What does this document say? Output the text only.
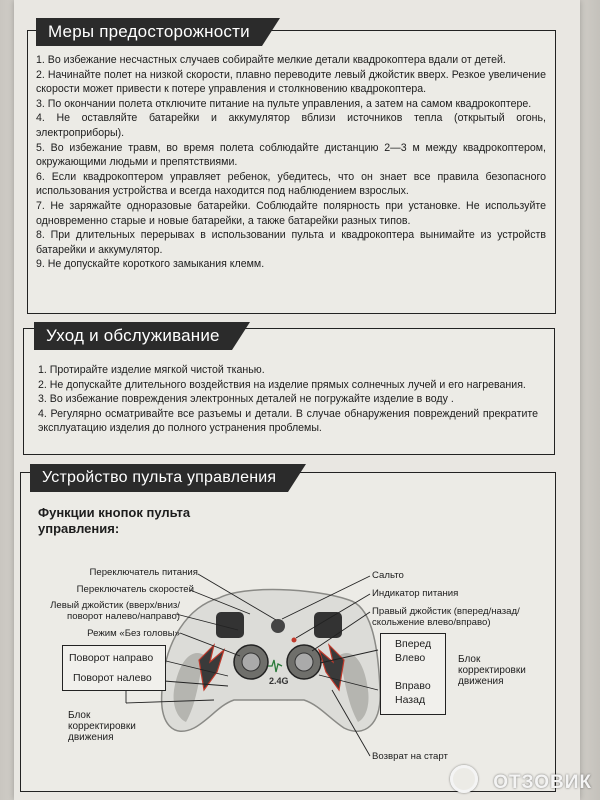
1. Во избежание несчастных случаев собирайте мелкие детали квадрокоптера вдали от детей.
2. Начинайте полет на низкой скорости, плавно переводите левый джойстик вверх. Резкое увеличение скорости может привести к потере управления и столкновению квадрокоптера.
3. По окончании полета отключите питание на пульте управления, а затем на самом квадрокоптере.
4. Не оставляйте батарейки и аккумулятор вблизи источников тепла (открытый огонь, электроприборы).
5. Во избежание травм, во время полета соблюдайте дистанцию 2—3 м между квадрокоптером, окружающими людьми и препятствиями.
6. Если квадрокоптером управляет ребенок, убедитесь, что он знает все правила безопасного использования устройства и всегда находится под наблюдением взрослых.
7. Не заряжайте одноразовые батарейки. Соблюдайте полярность при установке. Не используйте одновременно старые и новые батарейки, а также батарейки разных типов.
8. При длительных перерывах в использовании пульта и квадрокоптера вынимайте из устройств батарейки и аккумулятор.
9. Не допускайте короткого замыкания клемм.
Меры предосторожности
1. Протирайте изделие мягкой чистой тканью.
2. Не допускайте длительного воздействия на изделие прямых солнечных лучей и его нагревания.
3. Во избежание повреждения электронных деталей не погружайте изделие в воду .
4. Регулярно осматривайте все разъемы и детали. В случае обнаружения повреждений прекратите эксплуатацию изделия до полного устранения проблемы.
Уход и обслуживание
Устройство пульта управления
Функции кнопок пульта
управления:
2.4G
Переключатель питания
Переключатель скоростей
Левый джойстик (вверх/вниз/
поворот налево/направо)
Режим «Без головы»
Поворот направо
Поворот налево
Блок
корректировки
движения
Сальто
Индикатор питания
Правый джойстик (вперед/назад/
скольжение влево/вправо)
Вперед
Влево
Вправо
Назад
Блок
корректировки
движения
Возврат на старт
ОТЗОВИК
